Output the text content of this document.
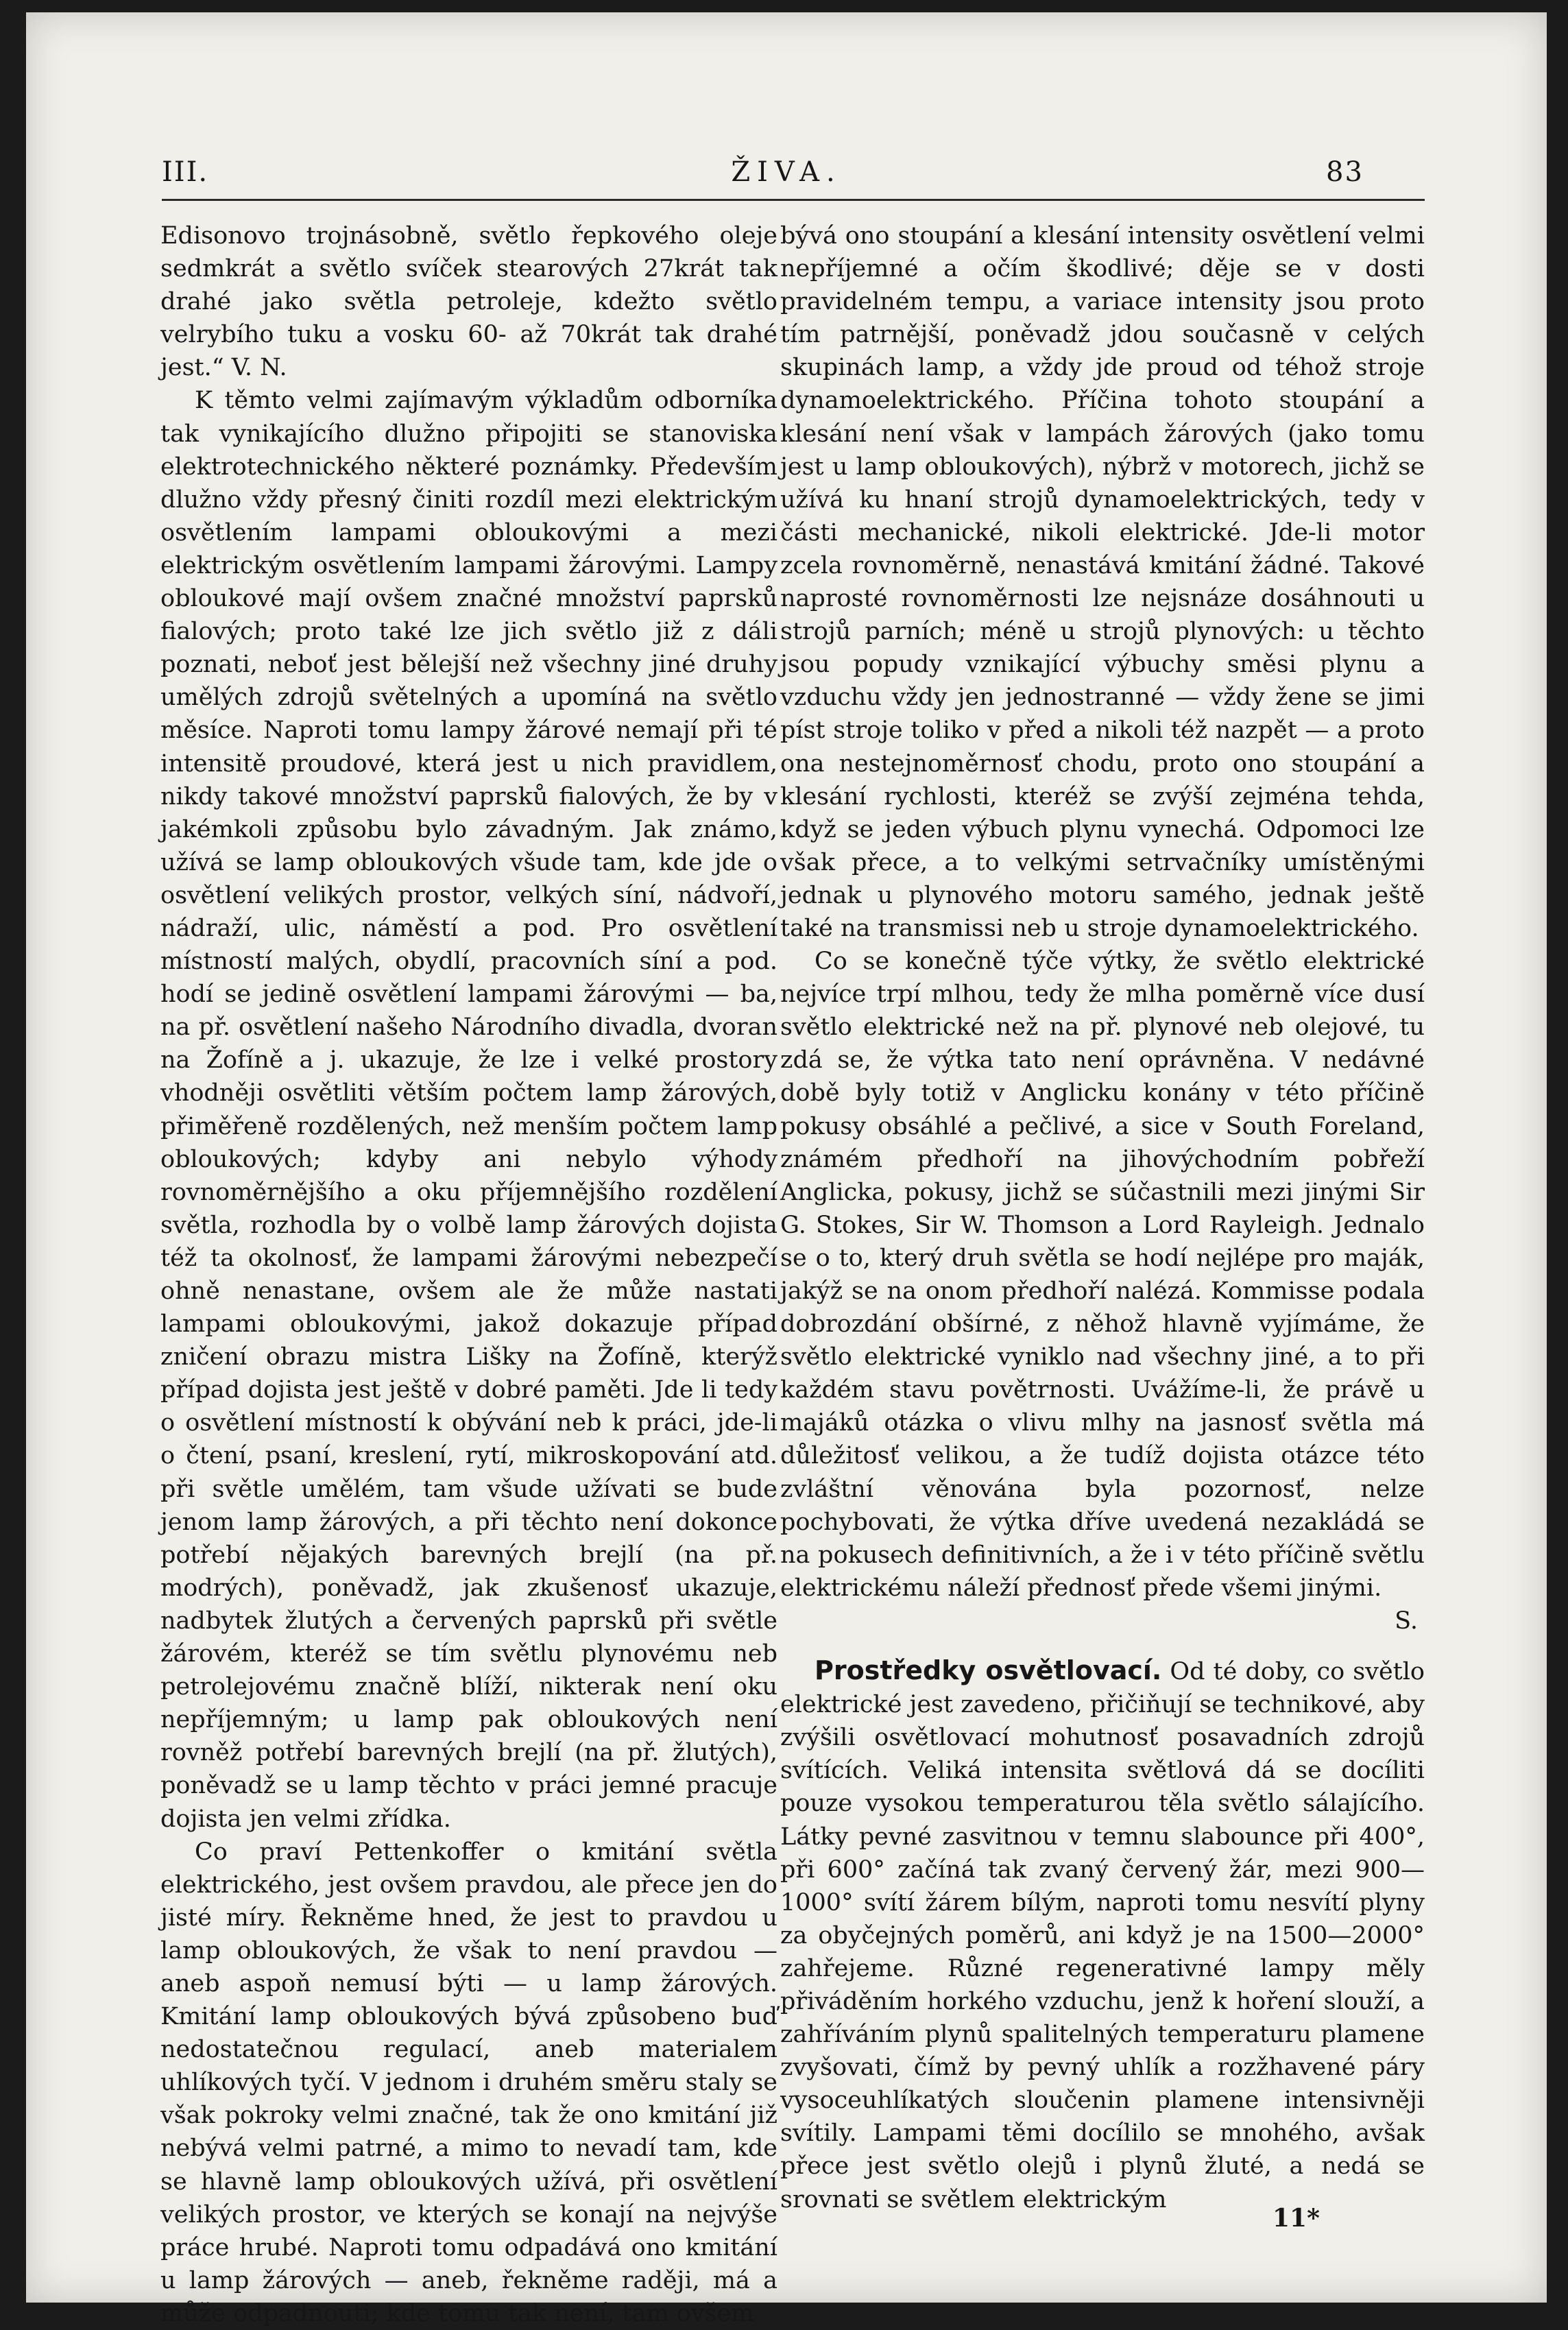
ŽIVA.
III.	83

Edisonovo trojnásobně, světlo řepkového oleje sedmkrát a světlo svíček stearových 27krát tak drahé jako světla petroleje, kdežto světlo velrybího tuku a vosku 60- až 70krát tak drahé jest.“ V. N.

K těmto velmi zajímavým výkladům odborníka tak vynikajícího dlužno připojiti se stanoviska elektrotechnického některé poznámky. Především dlužno vždy přesný činiti rozdíl mezi elektrickým osvětlením lampami obloukovými a mezi elektrickým osvětlením lampami žárovými. Lampy obloukové mají ovšem značné množství paprsků fialových; proto také lze jich světlo již z dáli poznati, neboť jest bělejší než všechny jiné druhy umělých zdrojů světelných a upomíná na světlo měsíce. Naproti tomu lampy žárové nemají při té intensitě proudové, která jest u nich pravidlem, nikdy takové množství paprsků fialových, že by v jakémkoli způsobu bylo závadným. Jak známo, užívá se lamp obloukových všude tam, kde jde o osvětlení velikých prostor, velkých síní, nádvoří, nádraží, ulic, náměstí a pod. Pro osvětlení místností malých, obydlí, pracovních síní a pod. hodí se jedině osvětlení lampami žárovými — ba, na př. osvětlení našeho Národního divadla, dvoran na Žofíně a j. ukazuje, že lze i velké prostory vhodněji osvětliti větším počtem lamp žárových, přiměřeně rozdělených, než menším počtem lamp obloukových; kdyby ani nebylo výhody rovnoměrnějšího a oku příjemnějšího rozdělení světla, rozhodla by o volbě lamp žárových dojista též ta okolnosť, že lampami žárovými nebezpečí ohně nenastane, ovšem ale že může nastati lampami obloukovými, jakož dokazuje případ zničení obrazu mistra Lišky na Žofíně, kterýž případ dojista jest ještě v dobré paměti. Jde li tedy o osvětlení místností k obývání neb k práci, jde-li o čtení, psaní, kreslení, rytí, mikroskopování atd. při světle umělém, tam všude užívati se bude jenom lamp žárových, a při těchto není dokonce potřebí nějakých barevných brejlí (na př. modrých), poněvadž, jak zkušenosť ukazuje, nadbytek žlutých a červených paprsků při světle žárovém, kteréž se tím světlu plynovému neb petrolejovému značně blíží, nikterak není oku nepříjemným; u lamp pak obloukových není rovněž potřebí barevných brejlí (na př. žlutých), poněvadž se u lamp těchto v práci jemné pracuje dojista jen velmi zřídka.

Co praví Pettenkoffer o kmitání světla elektrického, jest ovšem pravdou, ale přece jen do jisté míry. Řekněme hned, že jest to pravdou u lamp obloukových, že však to není pravdou — aneb aspoň nemusí býti — u lamp žárových. Kmitání lamp obloukových bývá způsobeno buď nedostatečnou regulací, aneb materialem uhlíkových tyčí. V jednom i druhém směru staly se však pokroky velmi značné, tak že ono kmitání již nebývá velmi patrné, a mimo to nevadí tam, kde se hlavně lamp obloukových užívá, při osvětlení velikých prostor, ve kterých se konají na nejvýše práce hrubé. Naproti tomu odpadává ono kmitání u lamp žárových — aneb, řekněme raději, má a může odpadnouti; kde tomu tak není, tam ovšem

bývá ono stoupání a klesání intensity osvětlení velmi nepříjemné a očím škodlivé; děje se v dosti pravidelném tempu, a variace intensity jsou proto tím patrnější, poněvadž jdou současně v celých skupinách lamp, a vždy jde proud od téhož stroje dynamoelektrického. Příčina tohoto stoupání a klesání není však v lampách žárových (jako tomu jest u lamp obloukových), nýbrž v motorech, jichž se užívá ku hnaní strojů dynamoelektrických, tedy v části mechanické, nikoli elektrické. Jde-li motor zcela rovnoměrně, nenastává kmitání žádné. Takové naprosté rovnoměrnosti lze nejsnáze dosáhnouti u strojů parních; méně u strojů plynových: u těchto jsou popudy vznikající výbuchy směsi plynu a vzduchu vždy jen jednostranné — vždy žene se jimi píst stroje toliko v před a nikoli též nazpět — a proto ona nestejnoměrnosť chodu, proto ono stoupání a klesání rychlosti, kteréž se zvýší zejména tehda, když se jeden výbuch plynu vynechá. Odpomoci lze však přece, a to velkými setrvačníky umístěnými jednak u plynového motoru samého, jednak ještě také na transmissi neb u stroje dynamoelektrického.

Co se konečně týče výtky, že světlo elektrické nejvíce trpí mlhou, tedy že mlha poměrně více dusí světlo elektrické než na př. plynové neb olejové, tu zdá se, že výtka tato není oprávněna. V nedávné době byly totiž v Anglicku konány v této příčině pokusy obsáhlé a pečlivé, a sice v South Foreland, známém předhoří na jihovýchodním pobřeží Anglicka, pokusy, jichž se súčastnili mezi jinými Sir G. Stokes, Sir W. Thomson a Lord Rayleigh. Jednalo se o to, který druh světla se hodí nejlépe pro maják, jakýž se na onom předhoří nalézá. Kommisse podala dobrozdání obšírné, z něhož hlavně vyjímáme, že světlo elektrické vyniklo nad všechny jiné, a to při každém stavu povětrnosti. Uvážíme-li, že právě u majáků otázka o vlivu mlhy na jasnosť světla má důležitosť velikou, a že tudíž dojista otázce této zvláštní věnována byla pozornosť, nelze pochybovati, že výtka dříve uvedená nezakládá se na pokusech definitivních, a že i v této příčině světlu elektrickému náleží přednosť přede všemi jinými.

S.

Prostředky osvětlovací. Od té doby, co světlo elektrické jest zavedeno, přičiňují se technikové, aby zvýšili osvětlovací mohutnosť posavadních zdrojů svítících. Veliká intensita světlová dá se docíliti pouze vysokou temperaturou těla světlo sálajícího. Látky pevné zasvitnou v temnu slabounce při 400°, při 600° začíná tak zvaný červený žár, mezi 900—1000° svítí žárem bílým, naproti tomu nesvítí plyny za obyčejných poměrů, ani když je na 1500—2000° zahřejeme. Různé regenerativné lampy měly přiváděním horkého vzduchu, jenž k hoření slouží, a zahříváním plynů spalitelných temperaturu plamene zvyšovati, čímž by pevný uhlík a rozžhavené páry vysoceuhlíkatých sloučenin plamene intensivněji svítily. Lampami těmi docílilo se mnohého, avšak přece jest světlo olejů i plynů žluté, a nedá se srovnati se světlem elektrickým

11*
